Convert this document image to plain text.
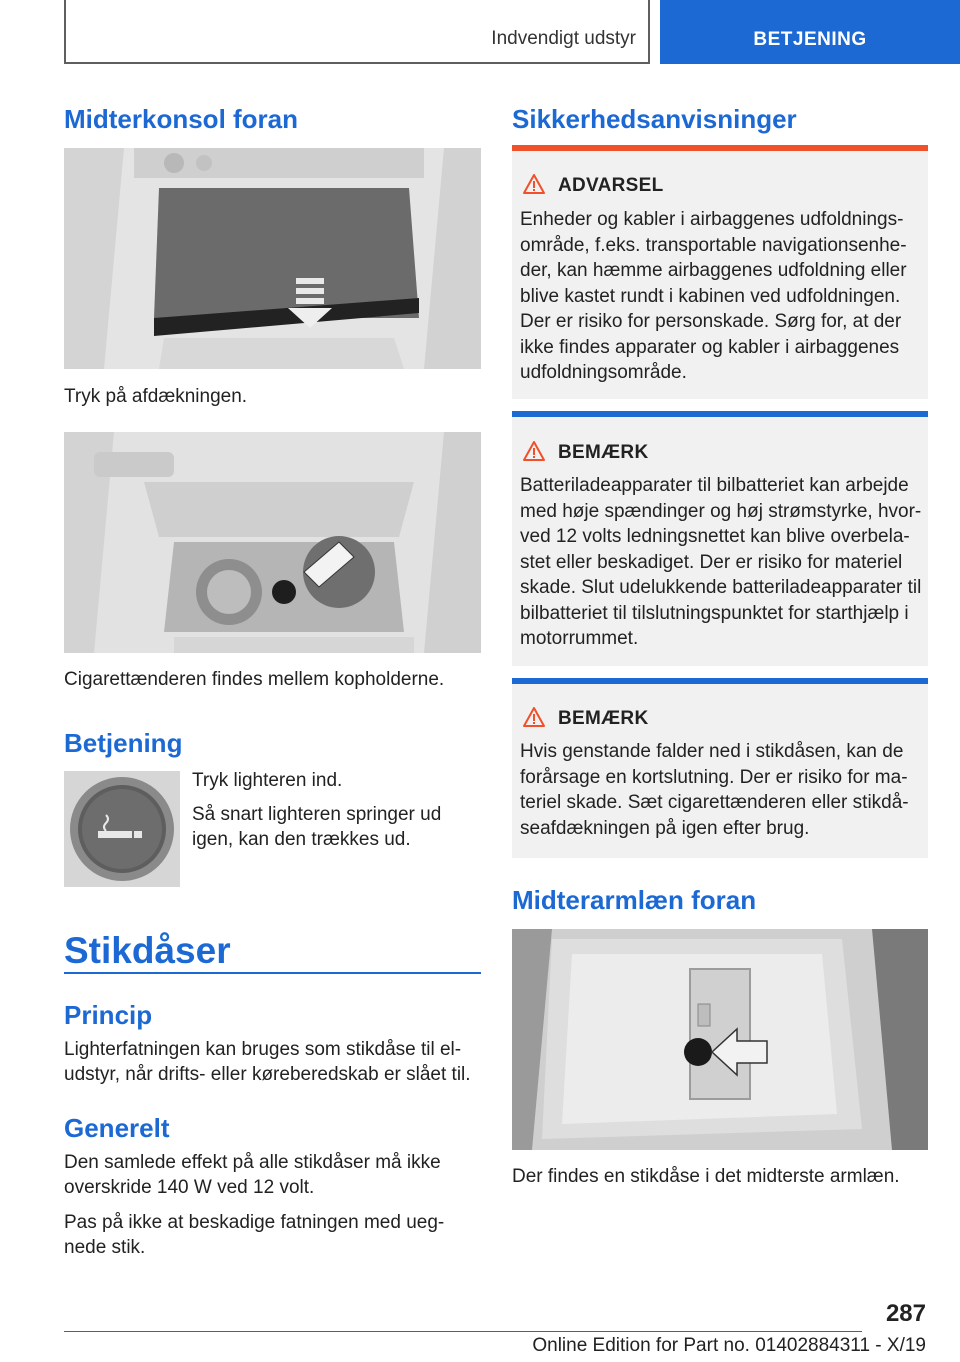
Indvendigt udstyr	BETJENING
Midterkonsol foran

Tryk på afdækningen.

Cigarettænderen findes mellem kopholderne.

Betjening

Tryk lighteren ind.

Så snart lighteren springer ud igen, kan den trækkes ud.

Stikdåser
Princip

Lighterfatningen kan bruges som stikdåse til el-udstyr, når drifts- eller køreberedskab er slået til.

Generelt

Den samlede effekt på alle stikdåser må ikke overskride 140 W ved 12 volt.

Pas på ikke at beskadige fatningen med ueg-nede stik.

Sikkerhedsanvisninger
ADVARSEL
Enheder og kabler i airbaggenes udfoldnings-område, f.eks. transportable navigationsenhe-der, kan hæmme airbaggenes udfoldning eller blive kastet rundt i kabinen ved udfoldningen. Der er risiko for personskade. Sørg for, at der ikke findes apparater og kabler i airbaggenes udfoldningsområde.
BEMÆRK
Batteriladeapparater til bilbatteriet kan arbejde med høje spændinger og høj strømstyrke, hvor-ved 12 volts ledningsnettet kan blive overbela-stet eller beskadiget. Der er risiko for materiel skade. Slut udelukkende batteriladeapparater til bilbatteriet til tilslutningspunktet for starthjælp i motorrummet.
BEMÆRK
Hvis genstande falder ned i stikdåsen, kan de forårsage en kortslutning. Der er risiko for ma-teriel skade. Sæt cigarettænderen eller stikdå-seafdækningen på igen efter brug.
Midterarmlæn foran

Der findes en stikdåse i det midterste armlæn.

287
Online Edition for Part no. 01402884311 - X/19
